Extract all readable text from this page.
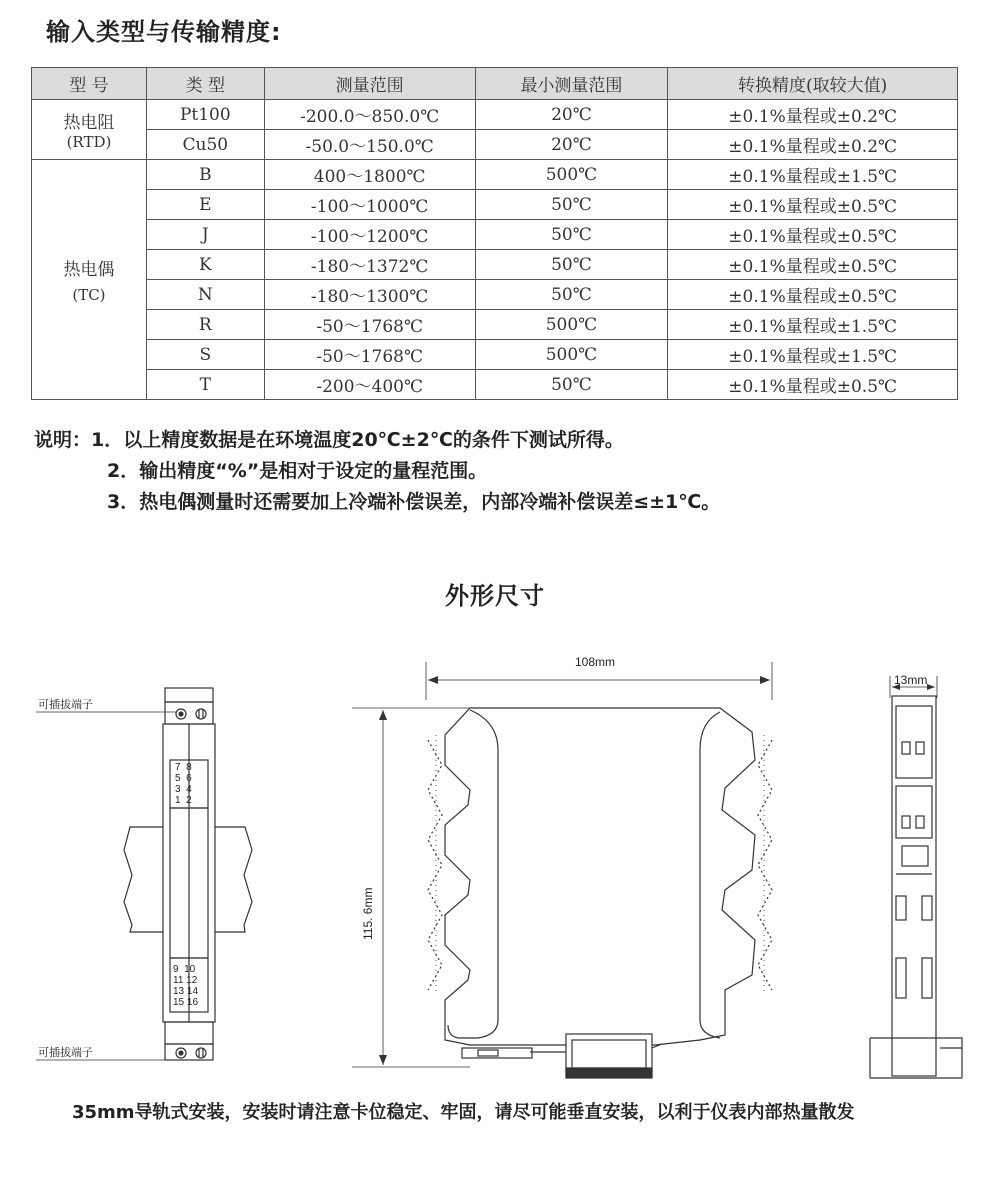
输入类型与传输精度:
型 号	类 型	测量范围	最小测量范围	转换精度(取较大值)

热电阻
(RTD)	Pt100	-200.0～850.0℃	20℃	±0.1%量程或±0.2℃
	Cu50	-50.0～150.0℃	20℃	±0.1%量程或±0.2℃

热电偶
(TC)	B	400～1800℃	500℃	±0.1%量程或±1.5℃
	E	-100～1000℃	50℃	±0.1%量程或±0.5℃
	J	-100～1200℃	50℃	±0.1%量程或±0.5℃
	K	-180～1372℃	50℃	±0.1%量程或±0.5℃
	N	-180～1300℃	50℃	±0.1%量程或±0.5℃
	R	-50～1768℃	500℃	±0.1%量程或±1.5℃
	S	-50～1768℃	500℃	±0.1%量程或±1.5℃
	T	-200～400℃	50℃	±0.1%量程或±0.5℃
说明：1．以上精度数据是在环境温度20℃±2℃的条件下测试所得。
2．输出精度“%”是相对于设定的量程范围。
3．热电偶测量时还需要加上冷端补偿误差，内部冷端补偿误差≤±1℃。
外形尺寸
可插拔端子
可插拔端子
7  8
5  6
3  4
1  2
9  10
11 12
13 14
15 16
108mm
115. 6mm
13mm
35mm导轨式安装，安装时请注意卡位稳定、牢固，请尽可能垂直安装，以利于仪表内部热量散发
